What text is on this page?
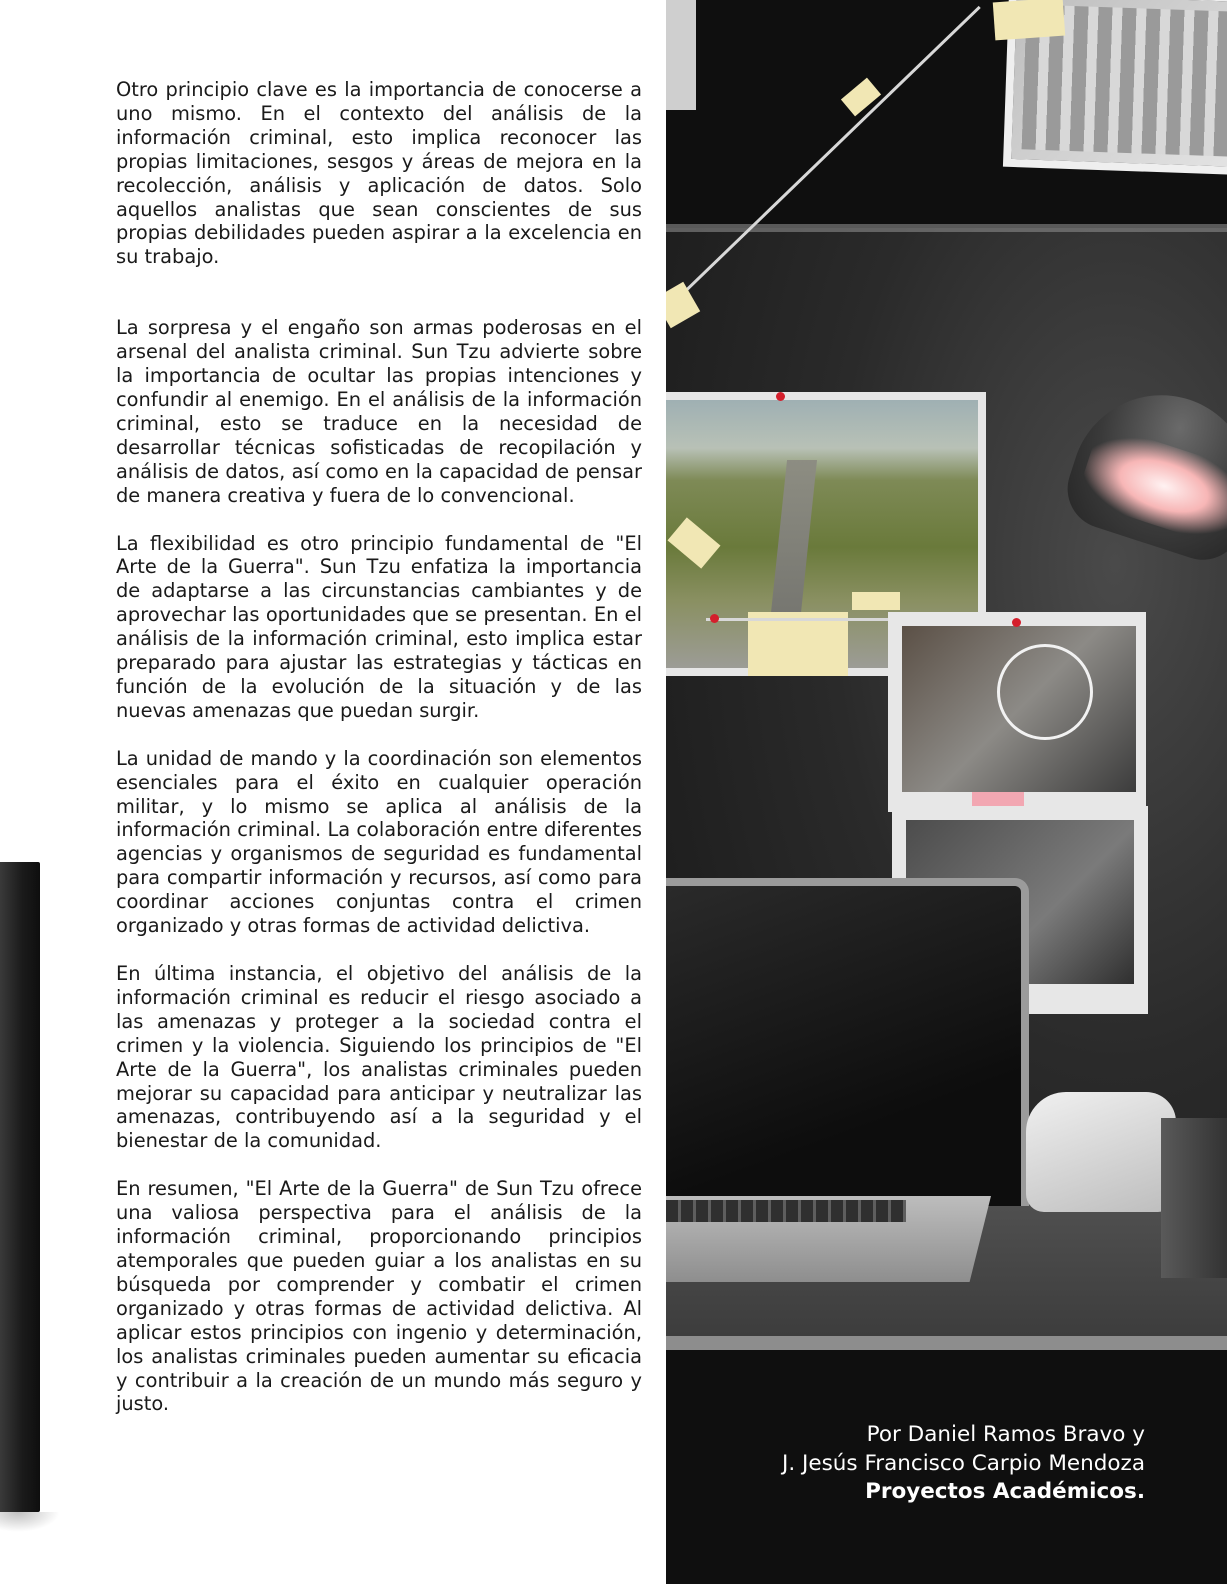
Otro principio clave es la importancia de conocerse a uno mismo. En el contexto del análisis de la información criminal, esto implica reconocer las propias limitaciones, sesgos y áreas de mejora en la recolección, análisis y aplicación de datos. Solo aquellos analistas que sean conscientes de sus propias debilidades pueden aspirar a la excelencia en su trabajo.

La sorpresa y el engaño son armas poderosas en el arsenal del analista criminal. Sun Tzu advierte sobre la importancia de ocultar las propias intenciones y confundir al enemigo. En el análisis de la información criminal, esto se traduce en la necesidad de desarrollar técnicas sofisticadas de recopilación y análisis de datos, así como en la capacidad de pensar de manera creativa y fuera de lo convencional.

La flexibilidad es otro principio fundamental de "El Arte de la Guerra". Sun Tzu enfatiza la importancia de adaptarse a las circunstancias cambiantes y de aprovechar las oportunidades que se presentan. En el análisis de la información criminal, esto implica estar preparado para ajustar las estrategias y tácticas en función de la evolución de la situación y de las nuevas amenazas que puedan surgir.

La unidad de mando y la coordinación son elementos esenciales para el éxito en cualquier operación militar, y lo mismo se aplica al análisis de la información criminal. La colaboración entre diferentes agencias y organismos de seguridad es fundamental para compartir información y recursos, así como para coordinar acciones conjuntas contra el crimen organizado y otras formas de actividad delictiva.

En última instancia, el objetivo del análisis de la información criminal es reducir el riesgo asociado a las amenazas y proteger a la sociedad contra el crimen y la violencia. Siguiendo los principios de "El Arte de la Guerra", los analistas criminales pueden mejorar su capacidad para anticipar y neutralizar las amenazas, contribuyendo así a la seguridad y el bienestar de la comunidad.

En resumen, "El Arte de la Guerra" de Sun Tzu ofrece una valiosa perspectiva para el análisis de la información criminal, proporcionando principios atemporales que pueden guiar a los analistas en su búsqueda por comprender y combatir el crimen organizado y otras formas de actividad delictiva. Al aplicar estos principios con ingenio y determinación, los analistas criminales pueden aumentar su eficacia y contribuir a la creación de un mundo más seguro y justo.

Por Daniel Ramos Bravo y
J. Jesús Francisco Carpio Mendoza
Proyectos Académicos.
